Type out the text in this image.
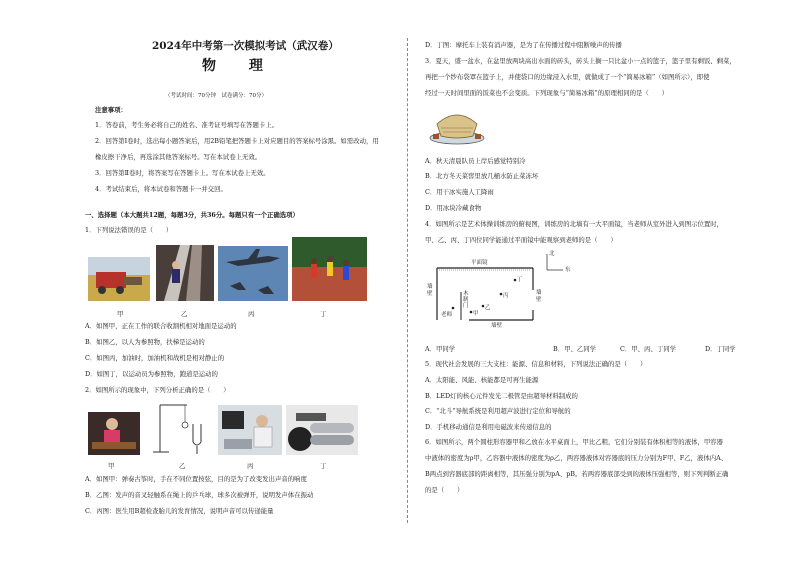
2024年中考第一次模拟考试（武汉卷）
物 理
（考试时间：70分钟　试卷满分：70分）
注意事项：
1．答卷前，考生务必将自己的姓名、准考证号填写在答题卡上。
2．回答第Ⅰ卷时，选出每小题答案后，用2B铅笔把答题卡上对应题目的答案标号涂黑。如需改动，用
橡皮擦干净后，再选涂其他答案标号。写在本试卷上无效。
3．回答第Ⅱ卷时，将答案写在答题卡上。写在本试卷上无效。
4．考试结束后，将本试卷和答题卡一并交回。
一、选择题（本大题共12题，每题3分，共36分。每题只有一个正确选项）
1．下列说法错误的是（　　）
甲	乙	丙	丁
A．如图甲，正在工作的联合收割机相对地面是运动的
B．如图乙，以人为参照物，扶梯是运动的
C．如图丙，加油时，加油机和战机是相对静止的
D．如图丁，以运动员为参照物，跑道是运动的
2．如图所示的现象中，下列分析正确的是（　　）
甲	乙	丙	丁
A．如图甲：弹奏古筝时，手在不同位置按弦，目的是为了改变发出声音的响度
B．乙图：发声的音叉轻触系在绳上的乒乓球，球多次被弹开，说明发声体在振动
C．丙图：医生用B超检查胎儿的发育情况，说明声音可以传递能量
D．丁图：摩托车上装有消声器，是为了在传播过程中阻断噪声的传播
3．夏天，盛一盆水，在盆里放两块高出水面的砖头，砖头上搁一只比盆小一点的篮子，篮子里有剩饭、剩菜，
再把一个纱布袋罩在篮子上，并使袋口的边缘浸入水里，就做成了一个“简易冰箱”（如图所示），即使
经过一天时间里面的饭菜也不会变质。下列现象与“简易冰箱”的原理相同的是（　　）
A．秋天清晨队员上岸后感觉特别冷
B．北方冬天菜窖里放几桶水防止菜冻坏
C．用干冰实施人工降雨
D．用冰块冷藏食物
4．如图所示是艺术体操训练房的俯视图，训练房的北墙有一大平面镜，当老师从室外进入到图示位置时，
甲、乙、丙、丁四位同学能通过平面镜中能观察到老师的是（　　）
平面镜
北
东
墙壁	墙壁
墙壁
老师
木制门
甲
乙
丙
丁
A．甲同学	B．甲、乙同学	C．甲、丙、丁同学	D．丁同学
5．现代社会发展的三大支柱：能源、信息和材料，下列说法正确的是（　　）
A．太阳能、风能、核能都是可再生能源
B．LED灯的核心元件发光二极管是由超导材料制成的
C．“北斗”导航系统是利用超声波进行定位和导航的
D．手机移动通信是利用电磁波来传递信息的
6．如图所示，两个圆柱形容器甲和乙放在水平桌面上，甲比乙粗，它们分别装有体积相等的液体，甲容器
中液体的密度为ρ甲，乙容器中液体的密度为ρ乙，两容器液体对容器底的压力分别为F甲、F乙，液体内A、
B两点到容器底部的距离相等，其压强分别为pA、pB。若两容器底部受到的液体压强相等，则下列判断正确
的是（　　）
